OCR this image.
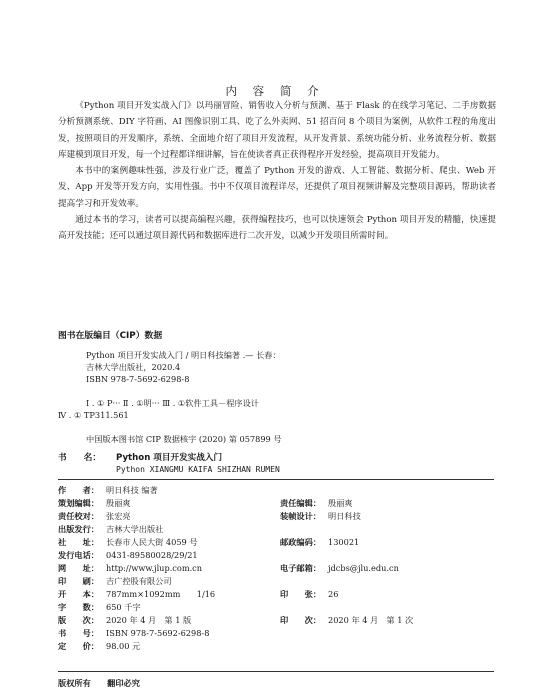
内 容 简 介

《Python 项目开发实战入门》以玛丽冒险、销售收入分析与预测、基于 Flask 的在线学习笔记、二手房数据分析预测系统、DIY 字符画、AI 图像识别工具、吃了么外卖网、51 招百问 8 个项目为案例，从软件工程的角度出发，按照项目的开发顺序，系统、全面地介绍了项目开发流程，从开发背景、系统功能分析、业务流程分析、数据库建模到项目开发，每一个过程都详细讲解，旨在使读者真正获得程序开发经验，提高项目开发能力。

本书中的案例趣味性强，涉及行业广泛，覆盖了 Python 开发的游戏、人工智能、数据分析、爬虫、Web 开发、App 开发等开发方向，实用性强。书中不仅项目流程详尽，还提供了项目视频讲解及完整项目源码，帮助读者提高学习和开发效率。

通过本书的学习，读者可以提高编程兴趣，获得编程技巧，也可以快速领会 Python 项目开发的精髓，快速提高开发技能；还可以通过项目源代码和数据库进行二次开发，以减少开发项目所需时间。

图书在版编目（CIP）数据
Python 项目开发实战入门 / 明日科技编著 .— 长春：
吉林大学出版社，2020.4
ISBN 978-7-5692-6298-8
Ⅰ . ① P··· Ⅱ . ①明··· Ⅲ . ①软件工具－程序设计
Ⅳ . ① TP311.561
中国版本图书馆 CIP 数据核字 (2020) 第 057899 号
书　　名： Python 项目开发实战入门
Python XIANGMU KAIFA SHIZHAN RUMEN
作　　者： 明日科技 编著
策划编辑： 殷丽爽	责任编辑： 殷丽爽
责任校对： 张宏亮	装帧设计： 明日科技
出版发行： 吉林大学出版社
社　　址： 长春市人民大街 4059 号	邮政编码： 130021
发行电话： 0431-89580028/29/21
网　　址： http://www.jlup.com.cn	电子邮箱： jdcbs@jlu.edu.cn
印　　刷： 吉广控股有限公司
开　　本： 787mm×1092mm　　1/16	印　　张： 26
字　　数： 650 千字
版　　次： 2020 年 4 月　第 1 版	印　　次： 2020 年 4 月　第 1 次
书　　号： ISBN 978-7-5692-6298-8
定　　价： 98.00 元
版权所有　　翻印必究
